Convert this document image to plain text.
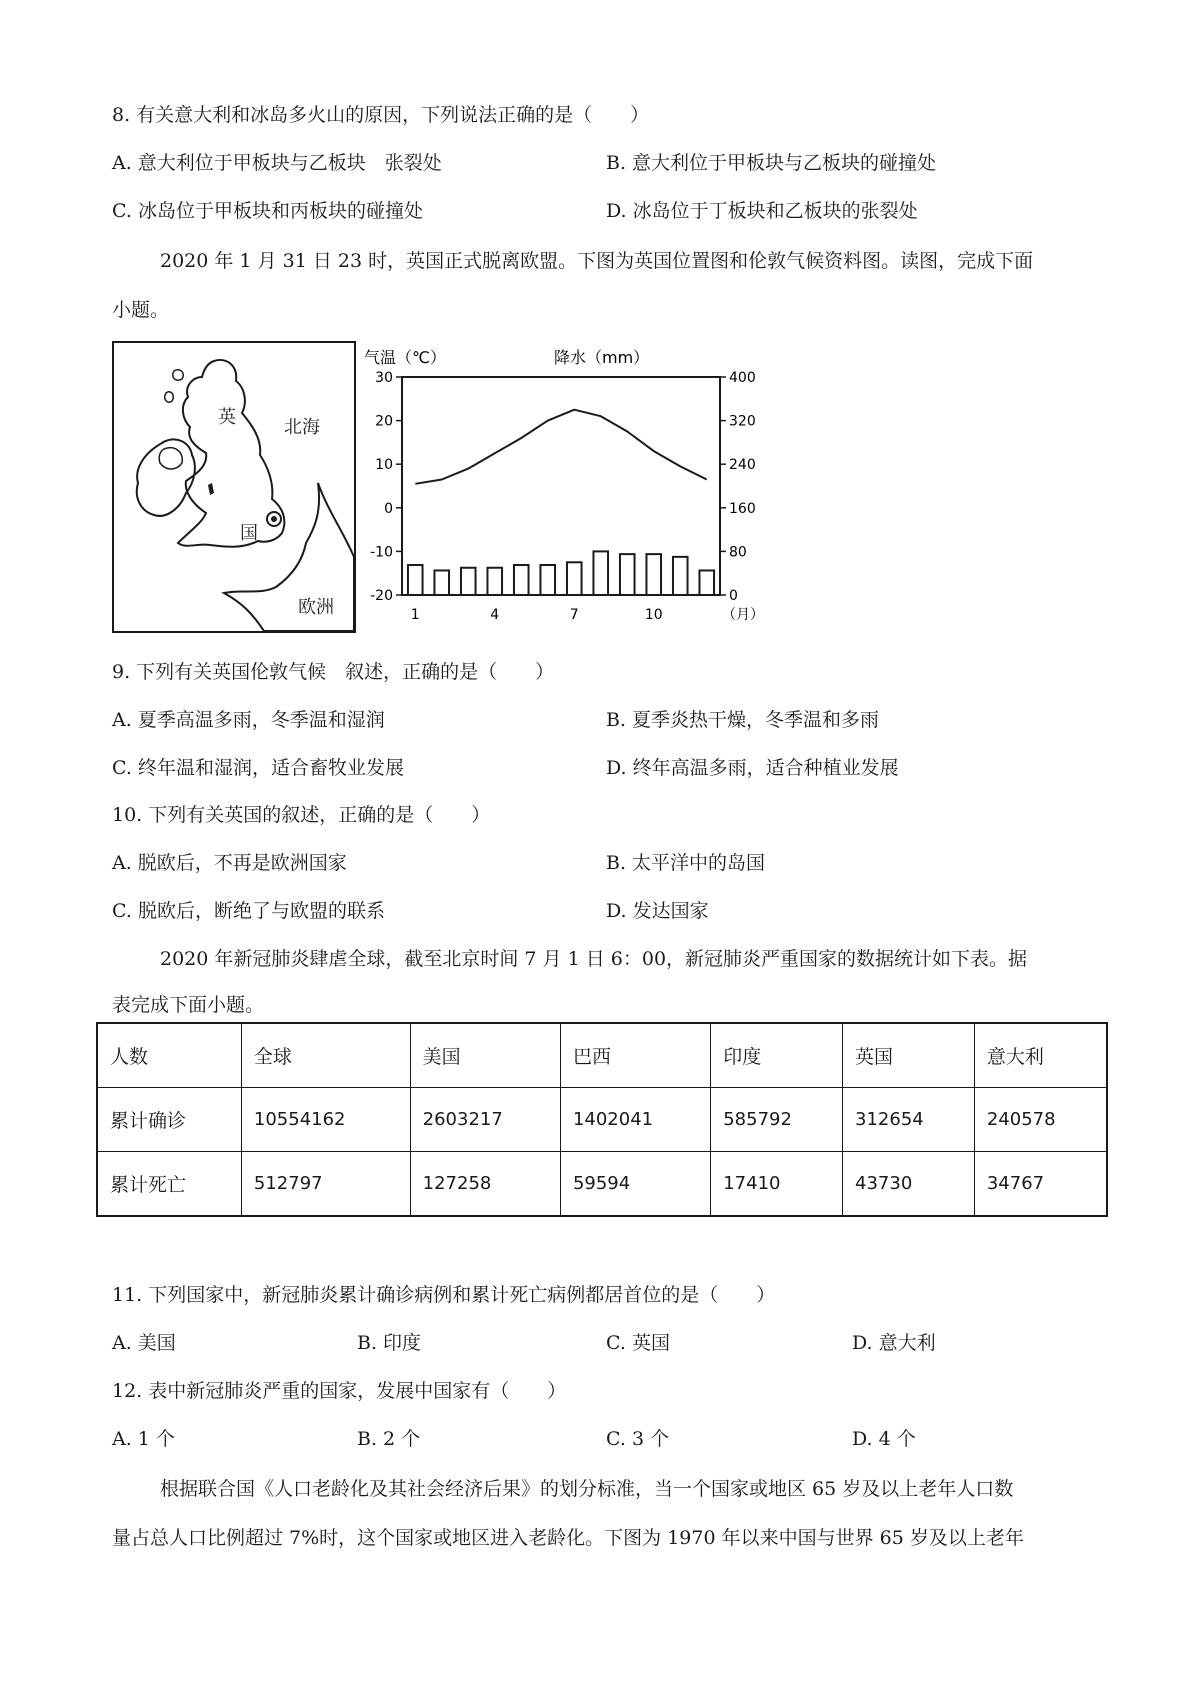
8. 有关意大利和冰岛多火山的原因，下列说法正确的是（　　）
A. 意大利位于甲板块与乙板块　张裂处	B. 意大利位于甲板块与乙板块的碰撞处
C. 冰岛位于甲板块和丙板块的碰撞处	D. 冰岛位于丁板块和乙板块的张裂处
2020 年 1 月 31 日 23 时，英国正式脱离欧盟。下图为英国位置图和伦敦气候资料图。读图，完成下面
小题。
英
国
北海
欧洲
气温（℃）	降水（mm）
30
20
10
0
-10
-20
400
320
240
160
80
0
1	4	7	10	（月）
9. 下列有关英国伦敦气候　叙述，正确的是（　　）
A. 夏季高温多雨，冬季温和湿润	B. 夏季炎热干燥，冬季温和多雨
C. 终年温和湿润，适合畜牧业发展	D. 终年高温多雨，适合种植业发展
10. 下列有关英国的叙述，正确的是（　　）
A. 脱欧后，不再是欧洲国家	B. 太平洋中的岛国
C. 脱欧后，断绝了与欧盟的联系	D. 发达国家
2020 年新冠肺炎肆虐全球，截至北京时间 7 月 1 日 6：00，新冠肺炎严重国家的数据统计如下表。据
表完成下面小题。
人数	全球	美国	巴西	印度	英国	意大利
累计确诊	10554162	2603217	1402041	585792	312654	240578
累计死亡	512797	127258	59594	17410	43730	34767
11. 下列国家中，新冠肺炎累计确诊病例和累计死亡病例都居首位的是（　　）
A. 美国	B. 印度	C. 英国	D. 意大利
12. 表中新冠肺炎严重的国家，发展中国家有（　　）
A. 1 个	B. 2 个	C. 3 个	D. 4 个
根据联合国《人口老龄化及其社会经济后果》的划分标准，当一个国家或地区 65 岁及以上老年人口数
量占总人口比例超过 7%时，这个国家或地区进入老龄化。下图为 1970 年以来中国与世界 65 岁及以上老年
